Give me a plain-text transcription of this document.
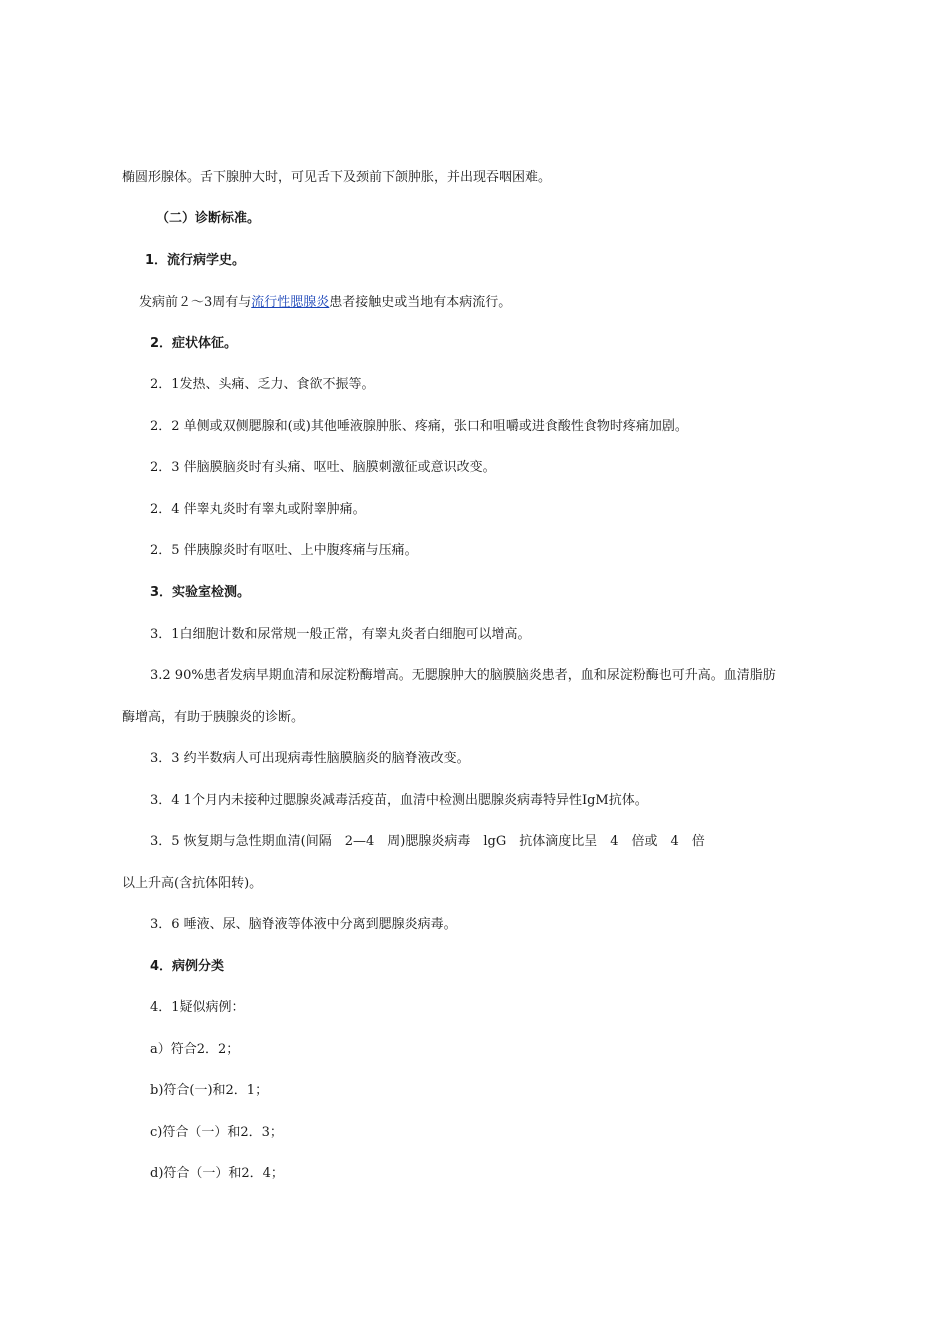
椭圆形腺体。舌下腺肿大时，可见舌下及颈前下颌肿胀，并出现吞咽困难。
（二）诊断标准。
1．流行病学史。
发病前２～3周有与流行性腮腺炎患者接触史或当地有本病流行。
2．症状体征。
2．1发热、头痛、乏力、食欲不振等。
2．2 单侧或双侧腮腺和(或)其他唾液腺肿胀、疼痛，张口和咀嚼或进食酸性食物时疼痛加剧。
2．3 伴脑膜脑炎时有头痛、呕吐、脑膜刺激征或意识改变。
2．4 伴睾丸炎时有睾丸或附睾肿痛。
2．5 伴胰腺炎时有呕吐、上中腹疼痛与压痛。
3．实验室检测。
3．1白细胞计数和尿常规一般正常，有睾丸炎者白细胞可以增高。
3.2 90%患者发病早期血清和尿淀粉酶增高。无腮腺肿大的脑膜脑炎患者，血和尿淀粉酶也可升高。血清脂肪
酶增高，有助于胰腺炎的诊断。
3．3 约半数病人可出现病毒性脑膜脑炎的脑脊液改变。
3．4 1个月内未接种过腮腺炎减毒活疫苗，血清中检测出腮腺炎病毒特异性IgM抗体。
3．5 恢复期与急性期血清(间隔　2—4　周)腮腺炎病毒　lgG　抗体滴度比呈　4　倍或　4　倍
以上升高(含抗体阳转)。
3．6 唾液、尿、脑脊液等体液中分离到腮腺炎病毒。
4．病例分类
4．1疑似病例：
a）符合2．2；
b)符合(一)和2．1；
c)符合（一）和2．3；
d)符合（一）和2．4；
